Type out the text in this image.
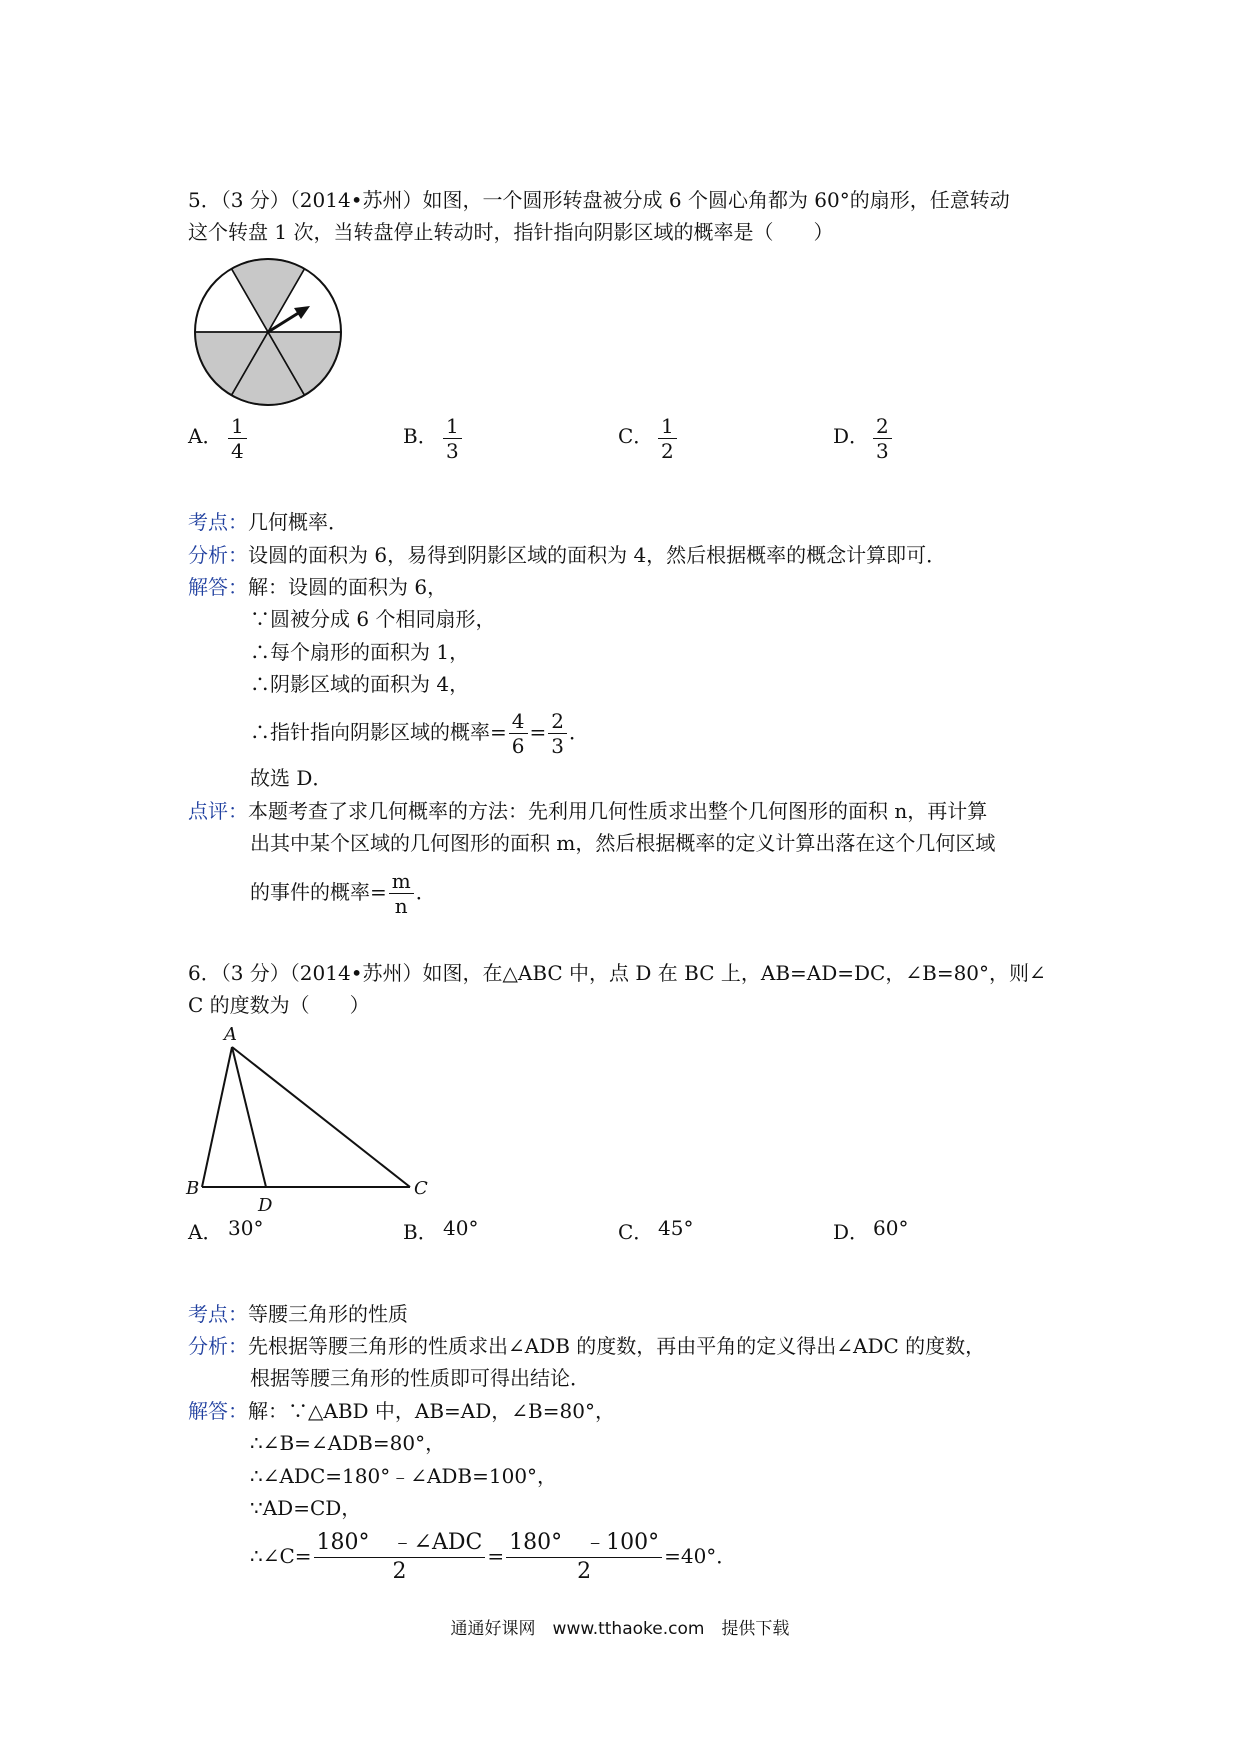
5．（3 分）（2014•苏州）如图，一个圆形转盘被分成 6 个圆心角都为 60°的扇形，任意转动
这个转盘 1 次，当转盘停止转动时，指针指向阴影区域的概率是（　　）
A． $\frac{1}{4}$	B． $\frac{1}{3}$	C． $\frac{1}{2}$	D． $\frac{2}{3}$
考点：几何概率．
分析：设圆的面积为 6，易得到阴影区域的面积为 4，然后根据概率的概念计算即可．
解答：解：设圆的面积为 6，
∵圆被分成 6 个相同扇形，
∴每个扇形的面积为 1，
∴阴影区域的面积为 4，
∴指针指向阴影区域的概率= $\frac{4}{6} = \frac{2}{3}$ ．
故选 D．
点评：本题考查了求几何概率的方法：先利用几何性质求出整个几何图形的面积 n，再计算
出其中某个区域的几何图形的面积 m，然后根据概率的定义计算出落在这个几何区域
的事件的概率= $\frac{m}{n}$ ．
6．（3 分）（2014•苏州）如图，在△ABC 中，点 D 在 BC 上，AB=AD=DC，∠B=80°，则∠
C 的度数为（　　）
A
B
D
C
A． 30°	B． 40°	C． 45°	D． 60°
考点：等腰三角形的性质
分析：先根据等腰三角形的性质求出∠ADB 的度数，再由平角的定义得出∠ADC 的度数，
根据等腰三角形的性质即可得出结论．
解答：解：∵△ABD 中，AB=AD，∠B=80°，
∴∠B=∠ADB=80°，
∴∠ADC=180°﹣∠ADB=100°，
∵AD=CD，
∴∠C= $\frac{\text{180°　﹣∠ADC}}{2} = \frac{180^\circ ﹣100^\circ}{2} =40^\circ$．
通通好课网　www.tthaoke.com　提供下载
